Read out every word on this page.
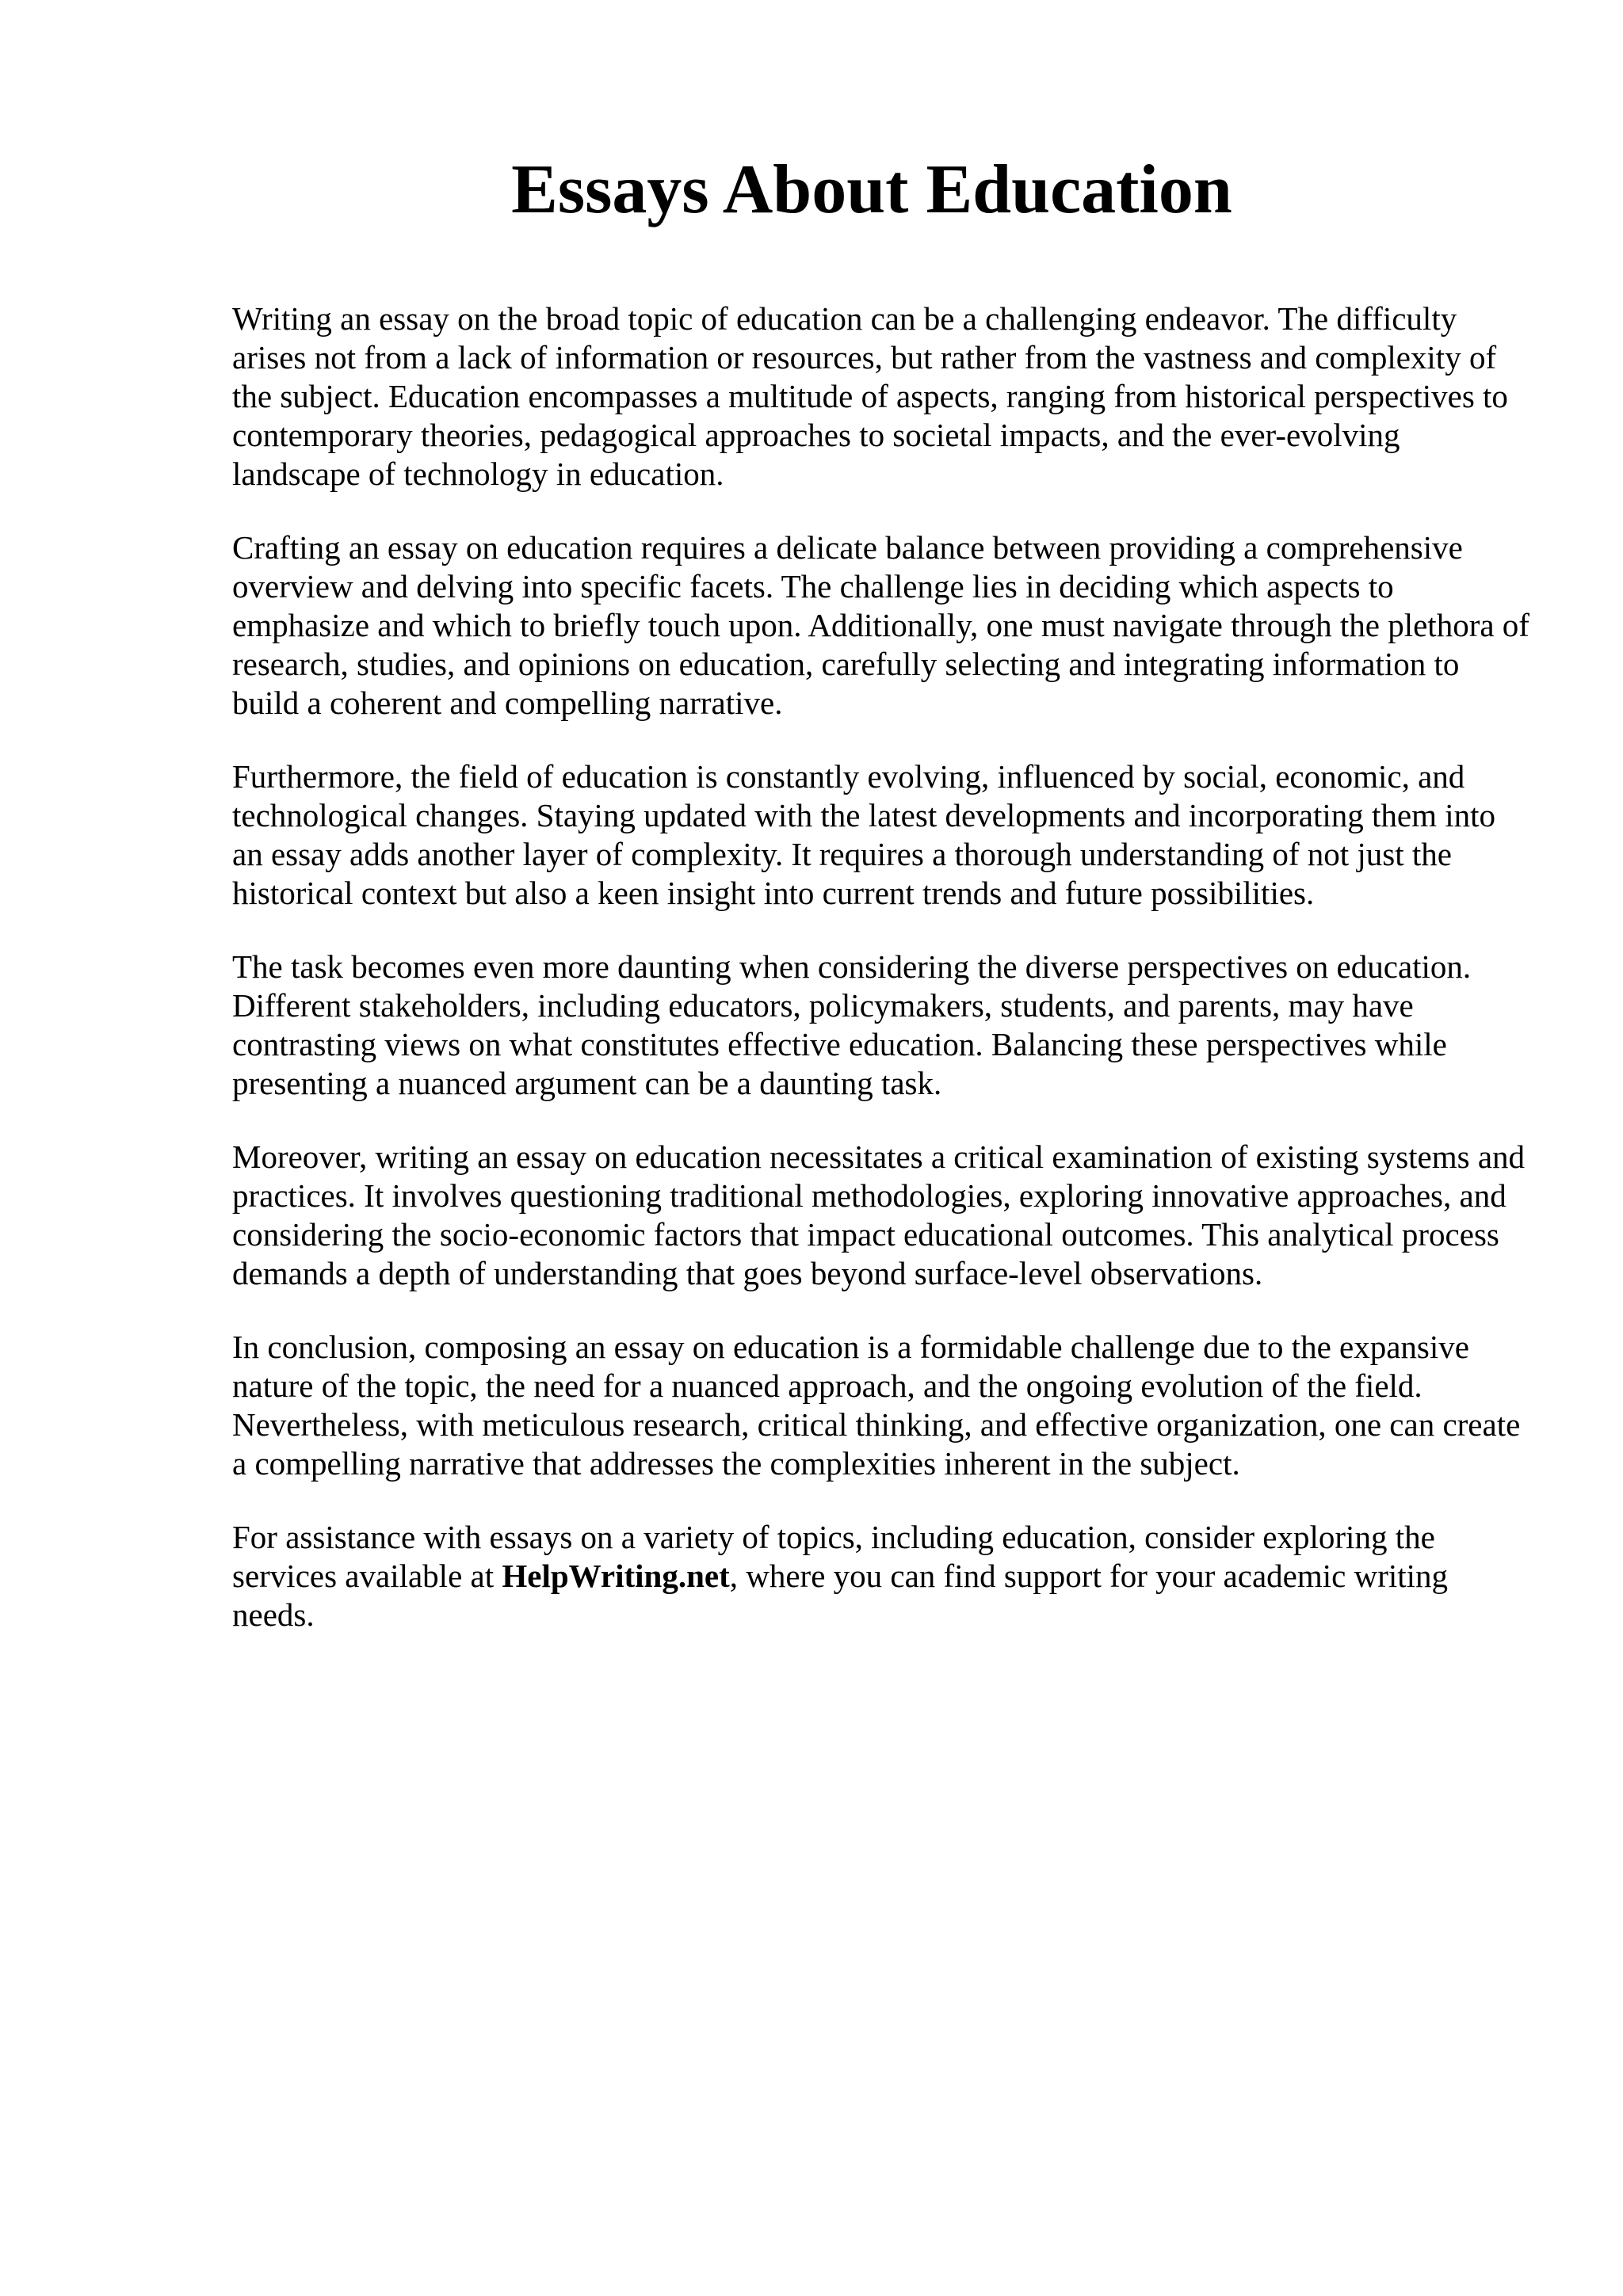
Essays About Education

Writing an essay on the broad topic of education can be a challenging endeavor. The difficulty arises not from a lack of information or resources, but rather from the vastness and complexity of the subject. Education encompasses a multitude of aspects, ranging from historical perspectives to contemporary theories, pedagogical approaches to societal impacts, and the ever-evolving landscape of technology in education.

Crafting an essay on education requires a delicate balance between providing a comprehensive overview and delving into specific facets. The challenge lies in deciding which aspects to emphasize and which to briefly touch upon. Additionally, one must navigate through the plethora of research, studies, and opinions on education, carefully selecting and integrating information to build a coherent and compelling narrative.

Furthermore, the field of education is constantly evolving, influenced by social, economic, and technological changes. Staying updated with the latest developments and incorporating them into an essay adds another layer of complexity. It requires a thorough understanding of not just the historical context but also a keen insight into current trends and future possibilities.

The task becomes even more daunting when considering the diverse perspectives on education. Different stakeholders, including educators, policymakers, students, and parents, may have contrasting views on what constitutes effective education. Balancing these perspectives while presenting a nuanced argument can be a daunting task.

Moreover, writing an essay on education necessitates a critical examination of existing systems and practices. It involves questioning traditional methodologies, exploring innovative approaches, and considering the socio-economic factors that impact educational outcomes. This analytical process demands a depth of understanding that goes beyond surface-level observations.

In conclusion, composing an essay on education is a formidable challenge due to the expansive nature of the topic, the need for a nuanced approach, and the ongoing evolution of the field. Nevertheless, with meticulous research, critical thinking, and effective organization, one can create a compelling narrative that addresses the complexities inherent in the subject.

For assistance with essays on a variety of topics, including education, consider exploring the services available at HelpWriting.net, where you can find support for your academic writing needs.
